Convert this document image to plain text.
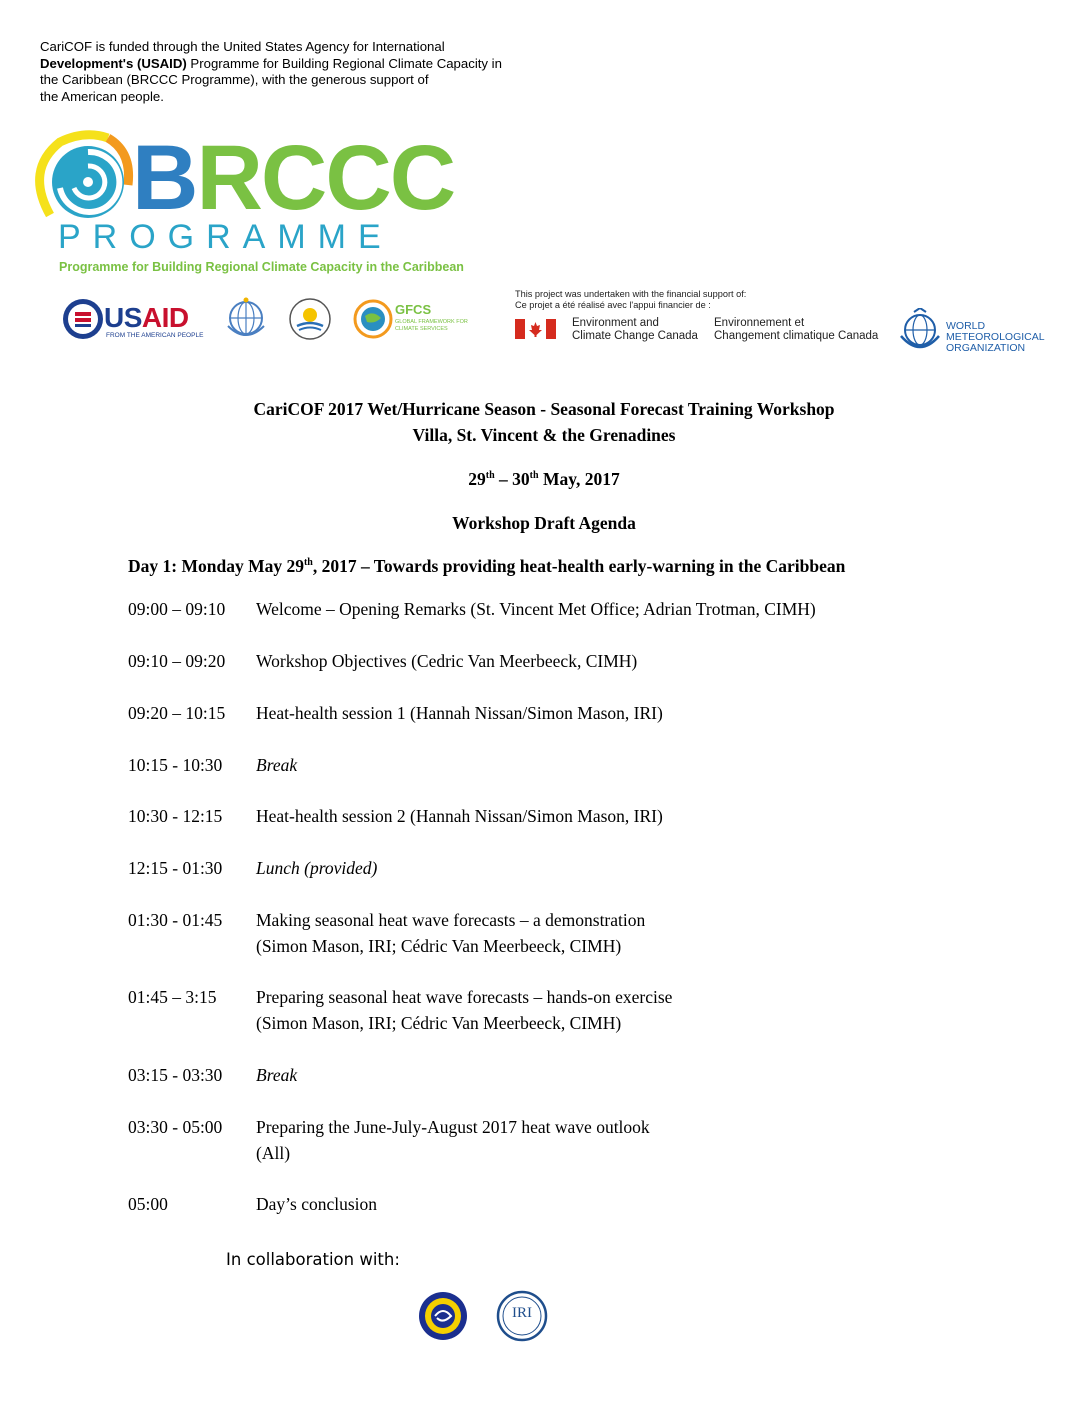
CariCOF is funded through the United States Agency for International
Development's (USAID) Programme for Building Regional Climate Capacity in
the Caribbean (BRCCC Programme), with the generous support of
the American people.
BRCCC
PROGRAMME
Programme for Building Regional Climate Capacity in the Caribbean
USAID
FROM THE AMERICAN PEOPLE
GFCS
GLOBAL FRAMEWORK FOR
CLIMATE SERVICES
This project was undertaken with the financial support of:
Ce projet a été réalisé avec l'appui financier de :
Environment and
Climate Change Canada
Environnement et
Changement climatique Canada
WORLD
METEOROLOGICAL
ORGANIZATION
CariCOF 2017 Wet/Hurricane Season - Seasonal Forecast Training Workshop
Villa, St. Vincent & the Grenadines
29th – 30th May, 2017
Workshop Draft Agenda
Day 1: Monday May 29th, 2017 – Towards providing heat-health early-warning in the Caribbean
09:00 – 09:10 Welcome – Opening Remarks (St. Vincent Met Office; Adrian Trotman, CIMH)
09:10 – 09:20 Workshop Objectives (Cedric Van Meerbeeck, CIMH)
09:20 – 10:15 Heat-health session 1 (Hannah Nissan/Simon Mason, IRI)
10:15 - 10:30 Break
10:30 - 12:15 Heat-health session 2 (Hannah Nissan/Simon Mason, IRI)
12:15 - 01:30 Lunch (provided)
01:30 - 01:45 Making seasonal heat wave forecasts – a demonstration
(Simon Mason, IRI; Cédric Van Meerbeeck, CIMH)
01:45 – 3:15 Preparing seasonal heat wave forecasts – hands-on exercise
(Simon Mason, IRI; Cédric Van Meerbeeck, CIMH)
03:15 - 03:30 Break
03:30 - 05:00 Preparing the June-July-August 2017 heat wave outlook
(All)
05:00	Day’s conclusion
In collaboration with:
IRI
